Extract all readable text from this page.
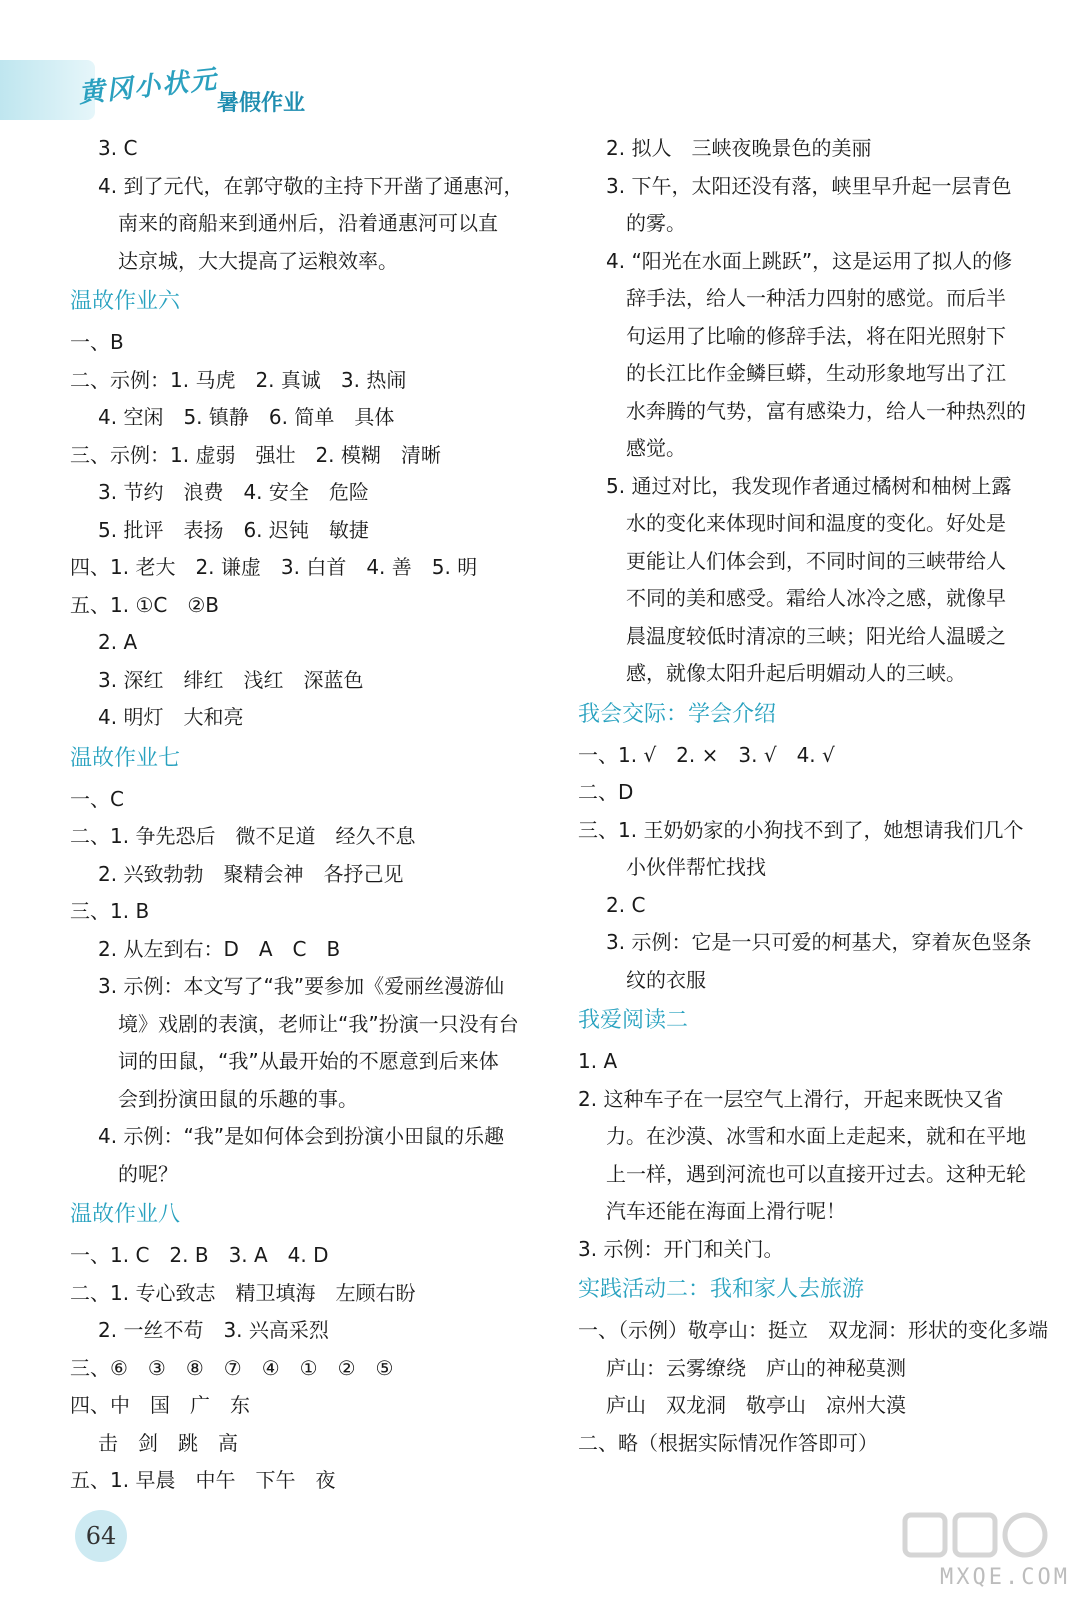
黄冈小状元
暑假作业
3. C
4. 到了元代，在郭守敬的主持下开凿了通惠河，
南来的商船来到通州后，沿着通惠河可以直
达京城，大大提高了运粮效率。
温故作业六
一、B
二、示例：1. 马虎　2. 真诚　3. 热闹
4. 空闲　5. 镇静　6. 简单　具体
三、示例：1. 虚弱　强壮　2. 模糊　清晰
3. 节约　浪费　4. 安全　危险
5. 批评　表扬　6. 迟钝　敏捷
四、1. 老大　2. 谦虚　3. 白首　4. 善　5. 明
五、1. ①C　②B
2. A
3. 深红　绯红　浅红　深蓝色
4. 明灯　大和亮
温故作业七
一、C
二、1. 争先恐后　微不足道　经久不息
2. 兴致勃勃　聚精会神　各抒己见
三、1. B
2. 从左到右：D　A　C　B
3. 示例：本文写了“我”要参加《爱丽丝漫游仙
境》戏剧的表演，老师让“我”扮演一只没有台
词的田鼠，“我”从最开始的不愿意到后来体
会到扮演田鼠的乐趣的事。
4. 示例：“我”是如何体会到扮演小田鼠的乐趣
的呢？
温故作业八
一、1. C　2. B　3. A　4. D
二、1. 专心致志　精卫填海　左顾右盼
2. 一丝不苟　3. 兴高采烈
三、⑥　③　⑧　⑦　④　①　②　⑤
四、中　国　广　东
击　剑　跳　高
五、1. 早晨　中午　下午　夜
2. 拟人　三峡夜晚景色的美丽
3. 下午，太阳还没有落，峡里早升起一层青色
的雾。
4. “阳光在水面上跳跃”，这是运用了拟人的修
辞手法，给人一种活力四射的感觉。而后半
句运用了比喻的修辞手法，将在阳光照射下
的长江比作金鳞巨蟒，生动形象地写出了江
水奔腾的气势，富有感染力，给人一种热烈的
感觉。
5. 通过对比，我发现作者通过橘树和柚树上露
水的变化来体现时间和温度的变化。好处是
更能让人们体会到，不同时间的三峡带给人
不同的美和感受。霜给人冰冷之感，就像早
晨温度较低时清凉的三峡；阳光给人温暖之
感，就像太阳升起后明媚动人的三峡。
我会交际：学会介绍
一、1. √　2. ×　3. √　4. √
二、D
三、1. 王奶奶家的小狗找不到了，她想请我们几个
小伙伴帮忙找找
2. C
3. 示例：它是一只可爱的柯基犬，穿着灰色竖条
纹的衣服
我爱阅读二
1. A
2. 这种车子在一层空气上滑行，开起来既快又省
力。在沙漠、冰雪和水面上走起来，就和在平地
上一样，遇到河流也可以直接开过去。这种无轮
汽车还能在海面上滑行呢！
3. 示例：开门和关门。
实践活动二：我和家人去旅游
一、（示例）敬亭山：挺立　双龙洞：形状的变化多端
庐山：云雾缭绕　庐山的神秘莫测
庐山　双龙洞　敬亭山　凉州大漠
二、略（根据实际情况作答即可）
64
MXQE.COM
